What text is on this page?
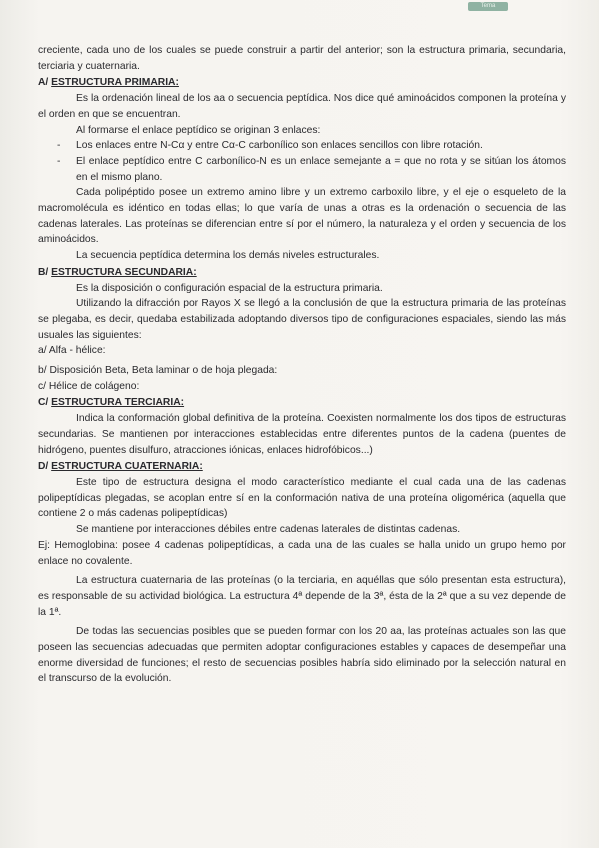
Tema

creciente, cada uno de los cuales se puede construir a partir del anterior; son la estructura primaria, secundaria, terciaria y cuaternaria.

A/ ESTRUCTURA PRIMARIA:

Es la ordenación lineal de los aa o secuencia peptídica. Nos dice qué aminoácidos componen la proteína y el orden en que se encuentran.

Al formarse el enlace peptídico se originan 3 enlaces:

- Los enlaces entre N-Cα y entre Cα-C carbonílico son enlaces sencillos con libre rotación.

- El enlace peptídico entre C carbonílico-N es un enlace semejante a = que no rota y se sitúan los átomos en el mismo plano.

Cada polipéptido posee un extremo amino libre y un extremo carboxilo libre, y el eje o esqueleto de la macromolécula es idéntico en todas ellas; lo que varía de unas a otras es la ordenación o secuencia de las cadenas laterales. Las proteínas se diferencian entre sí por el número, la naturaleza y el orden y secuencia de los aminoácidos.

La secuencia peptídica determina los demás niveles estructurales.

B/ ESTRUCTURA SECUNDARIA:

Es la disposición o configuración espacial de la estructura primaria.

Utilizando la difracción por Rayos X se llegó a la conclusión de que la estructura primaria de las proteínas se plegaba, es decir, quedaba estabilizada adoptando diversos tipo de configuraciones espaciales, siendo las más usuales las siguientes:

a/ Alfa - hélice:

b/ Disposición Beta, Beta laminar o de hoja plegada:

c/ Hélice de colágeno:

C/ ESTRUCTURA TERCIARIA:

Indica la conformación global definitiva de la proteína. Coexisten normalmente los dos tipos de estructuras secundarias. Se mantienen por interacciones establecidas entre diferentes puntos de la cadena (puentes de hidrógeno, puentes disulfuro, atracciones iónicas, enlaces hidrofóbicos...)

D/ ESTRUCTURA CUATERNARIA:

Este tipo de estructura designa el modo característico mediante el cual cada una de las cadenas polipeptídicas plegadas, se acoplan entre sí en la conformación nativa de una proteína oligomérica (aquella que contiene 2 o más cadenas polipeptídicas)

Se mantiene por interacciones débiles entre cadenas laterales de distintas cadenas.

Ej: Hemoglobina: posee 4 cadenas polipeptídicas, a cada una de las cuales se halla unido un grupo hemo por enlace no covalente.

La estructura cuaternaria de las proteínas (o la terciaria, en aquéllas que sólo presentan esta estructura), es responsable de su actividad biológica. La estructura 4ª depende de la 3ª, ésta de la 2ª que a su vez depende de la 1ª.

De todas las secuencias posibles que se pueden formar con los 20 aa, las proteínas actuales son las que poseen las secuencias adecuadas que permiten adoptar configuraciones estables y capaces de desempeñar una enorme diversidad de funciones; el resto de secuencias posibles habría sido eliminado por la selección natural en el transcurso de la evolución.
